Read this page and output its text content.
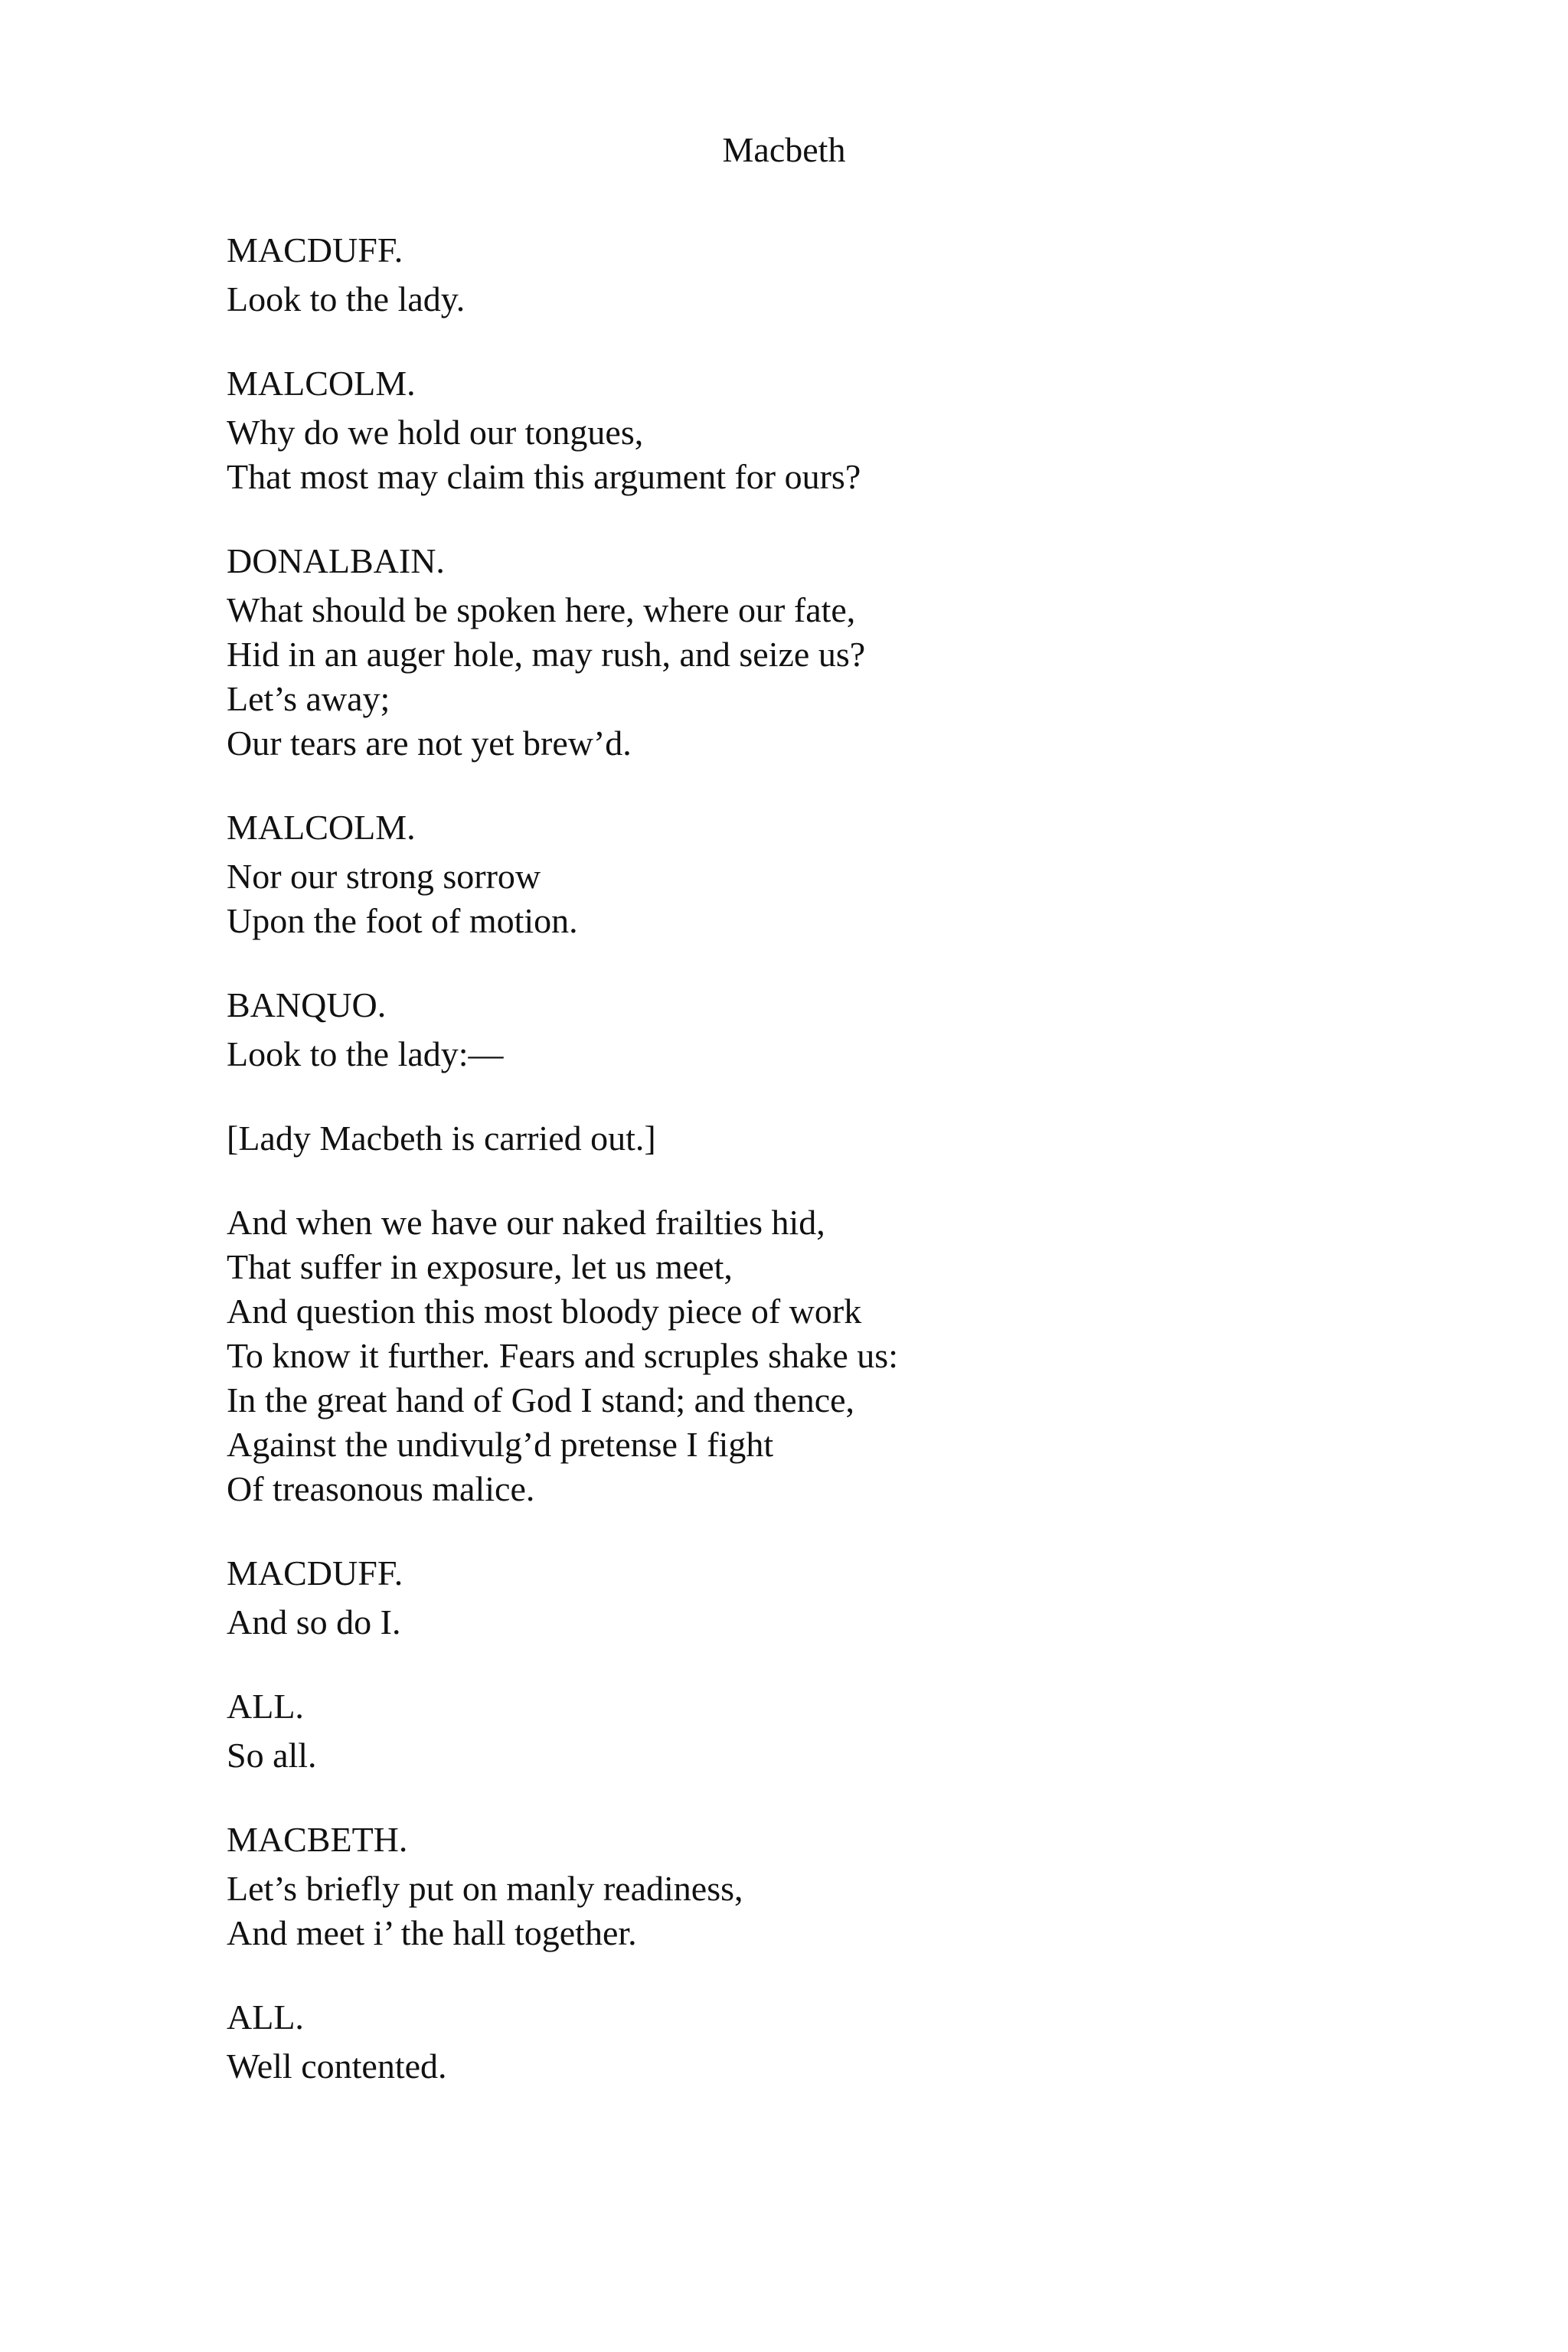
Macbeth
MACDUFF.
Look to the lady.
MALCOLM.
Why do we hold our tongues,
That most may claim this argument for ours?
DONALBAIN.
What should be spoken here, where our fate,
Hid in an auger hole, may rush, and seize us?
Let’s away;
Our tears are not yet brew’d.
MALCOLM.
Nor our strong sorrow
Upon the foot of motion.
BANQUO.
Look to the lady:—
[Lady Macbeth is carried out.]
And when we have our naked frailties hid,
That suffer in exposure, let us meet,
And question this most bloody piece of work
To know it further. Fears and scruples shake us:
In the great hand of God I stand; and thence,
Against the undivulg’d pretense I fight
Of treasonous malice.
MACDUFF.
And so do I.
ALL.
So all.
MACBETH.
Let’s briefly put on manly readiness,
And meet i’ the hall together.
ALL.
Well contented.
